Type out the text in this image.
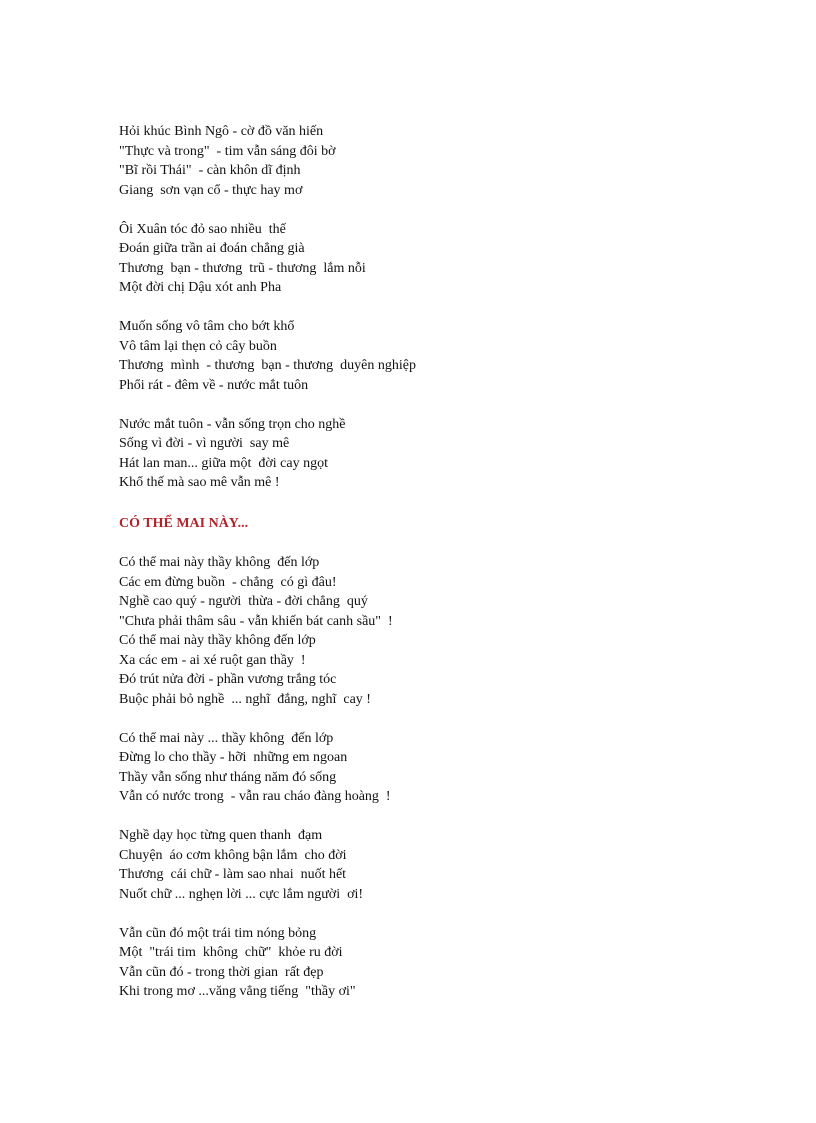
Hỏi khúc Bình Ngô - cờ đồ văn hiến
"Thực và trong"  - tim vẫn sáng đôi bờ
"Bĩ rồi Thái"  - càn khôn dĩ định
Giang  sơn vạn cổ - thực hay mơ
Ôi Xuân tóc đỏ sao nhiều  thế
Đoán giữa trần ai đoán chẳng già
Thương  bạn - thương  trũ - thương  lắm nỗi
Một đời chị Dậu xót anh Pha
Muốn sống vô tâm cho bớt khổ
Vô tâm lại thẹn cỏ cây buồn
Thương  mình  - thương  bạn - thương  duyên nghiệp
Phổi rát - đêm về - nước mắt tuôn
Nước mắt tuôn - vẫn sống trọn cho nghề
Sống vì đời - vì người  say mê
Hát lan man... giữa một  đời cay ngọt
Khổ thế mà sao mê vẫn mê !
CÓ THỂ MAI NÀY...
Có thể mai này thầy không  đến lớp
Các em đừng buồn  - chẳng  có gì đâu!
Nghề cao quý - người  thừa - đời chẳng  quý
"Chưa phải thâm sâu - vẫn khiến bát canh sầu"  !
Có thể mai này thầy không đến lớp
Xa các em - ai xé ruột gan thầy  !
Đó trút nửa đời - phần vương trắng tóc
Buộc phải bỏ nghề  ... nghĩ  đắng, nghĩ  cay !
Có thể mai này ... thầy không  đến lớp
Đừng lo cho thầy - hỡi  những em ngoan
Thầy vẫn sống như tháng năm đó sống
Vẫn có nước trong  - vẫn rau cháo đàng hoàng  !
Nghề dạy học từng quen thanh  đạm
Chuyện  áo cơm không bận lắm  cho đời
Thương  cái chữ - làm sao nhai  nuốt hết
Nuốt chữ ... nghẹn lời ... cực lắm người  ơi!
Vẫn cũn đó một trái tim nóng bỏng
Một  "trái tim  không  chữ"  khỏe ru đời
Vẫn cũn đó - trong thời gian  rất đẹp
Khi trong mơ ...văng vẳng tiếng  "thầy ơi"
